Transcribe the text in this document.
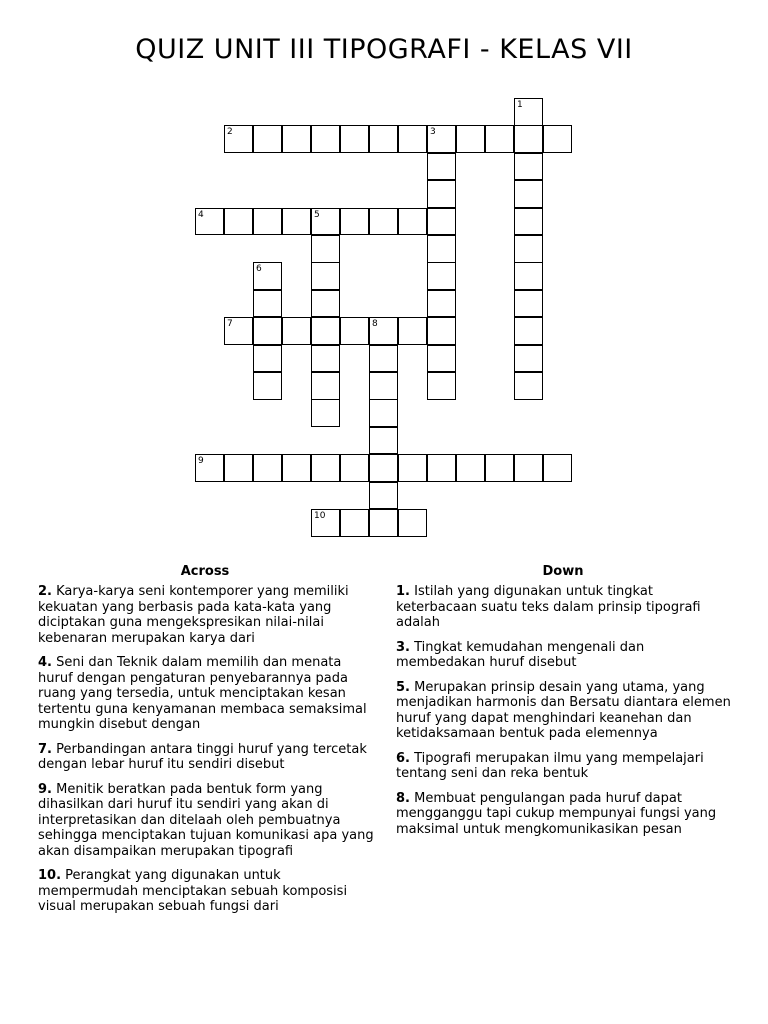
QUIZ UNIT III TIPOGRAFI - KELAS VII
1
2	3
4	5
6
7	8
9
10
Across	Down

2. Karya-karya seni kontemporer yang memiliki kekuatan yang berbasis pada kata-kata yang diciptakan guna mengekspresikan nilai-nilai kebenaran merupakan karya dari

4. Seni dan Teknik dalam memilih dan menata huruf dengan pengaturan penyebarannya pada ruang yang tersedia, untuk menciptakan kesan tertentu guna kenyamanan membaca semaksimal mungkin disebut dengan

7. Perbandingan antara tinggi huruf yang tercetak dengan lebar huruf itu sendiri disebut

9. Menitik beratkan pada bentuk form yang dihasilkan dari huruf itu sendiri yang akan di interpretasikan dan ditelaah oleh pembuatnya sehingga menciptakan tujuan komunikasi apa yang akan disampaikan merupakan tipografi

10. Perangkat yang digunakan untuk mempermudah menciptakan sebuah komposisi visual merupakan sebuah fungsi dari

1. Istilah yang digunakan untuk tingkat keterbacaan suatu teks dalam prinsip tipografi adalah

3. Tingkat kemudahan mengenali dan membedakan huruf disebut

5. Merupakan prinsip desain yang utama, yang menjadikan harmonis dan Bersatu diantara elemen huruf yang dapat menghindari keanehan dan ketidaksamaan bentuk pada elemennya

6. Tipografi merupakan ilmu yang mempelajari tentang seni dan reka bentuk

8. Membuat pengulangan pada huruf dapat mengganggu tapi cukup mempunyai fungsi yang maksimal untuk mengkomunikasikan pesan
